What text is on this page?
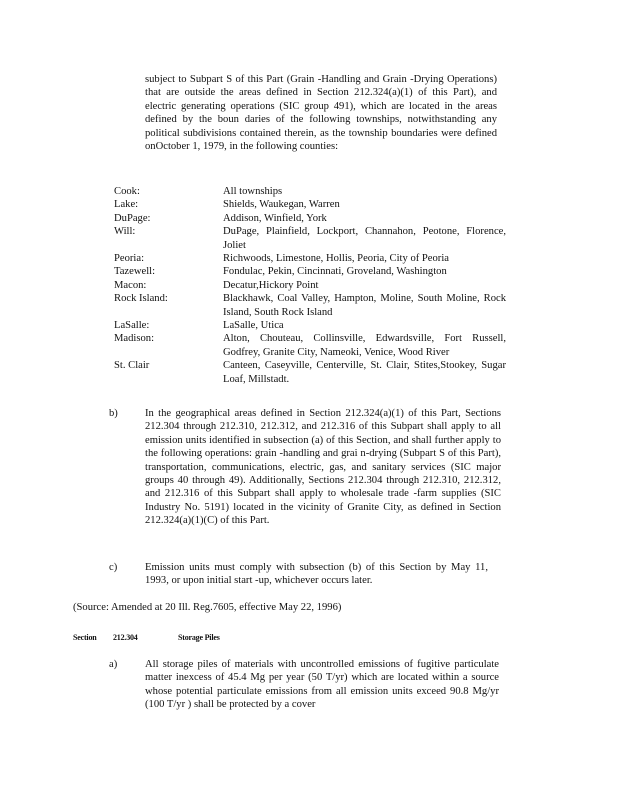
subject to Subpart S of this Part (Grain -Handling and Grain -Drying Operations) that are outside the areas defined in Section 212.324(a)(1) of this Part), and electric generating operations (SIC group 491), which are located in the areas defined by the boun daries of the following townships, notwithstanding any political subdivisions contained therein, as the township boundaries were defined onOctober 1, 1979, in the following counties:
Cook:	All townships
Lake:	Shields, Waukegan, Warren
DuPage:	Addison, Winfield, York
Will:	DuPage, Plainfield, Lockport, Channahon, Peotone, Florence, Joliet
Peoria:	Richwoods, Limestone, Hollis, Peoria, City of Peoria
Tazewell:	Fondulac, Pekin, Cincinnati, Groveland, Washington
Macon:	Decatur,Hickory Point
Rock Island:	Blackhawk, Coal Valley, Hampton, Moline, South Moline, Rock Island, South Rock Island
LaSalle:	LaSalle, Utica
Madison:	Alton, Chouteau, Collinsville, Edwardsville, Fort Russell, Godfrey, Granite City, Nameoki, Venice, Wood River
St. Clair	Canteen, Caseyville, Centerville, St. Clair, Stites,Stookey, Sugar Loaf, Millstadt.
b)	In the geographical areas defined in Section 212.324(a)(1) of this Part, Sections 212.304 through 212.310, 212.312, and 212.316 of this Subpart shall apply to all emission units identified in subsection (a) of this Section, and shall further apply to the following operations: grain -handling and grai n-drying (Subpart S of this Part), transportation, communications, electric, gas, and sanitary services (SIC major groups 40 through 49). Additionally, Sections 212.304 through 212.310, 212.312, and 212.316 of this Subpart shall apply to wholesale trade -farm supplies (SIC Industry No. 5191) located in the vicinity of Granite City, as defined in Section 212.324(a)(1)(C) of this Part.
c)	Emission units must comply with subsection (b) of this Section by May 11, 1993, or upon initial start -up, whichever occurs later.
(Source: Amended at 20 Ill. Reg.7605, effective May 22, 1996)
Section 212.304	Storage Piles
a)	All storage piles of materials with uncontrolled emissions of fugitive particulate matter inexcess of 45.4 Mg per year (50 T/yr) which are located within a source whose potential particulate emissions from all emission units exceed 90.8 Mg/yr (100 T/yr ) shall be protected by a cover
